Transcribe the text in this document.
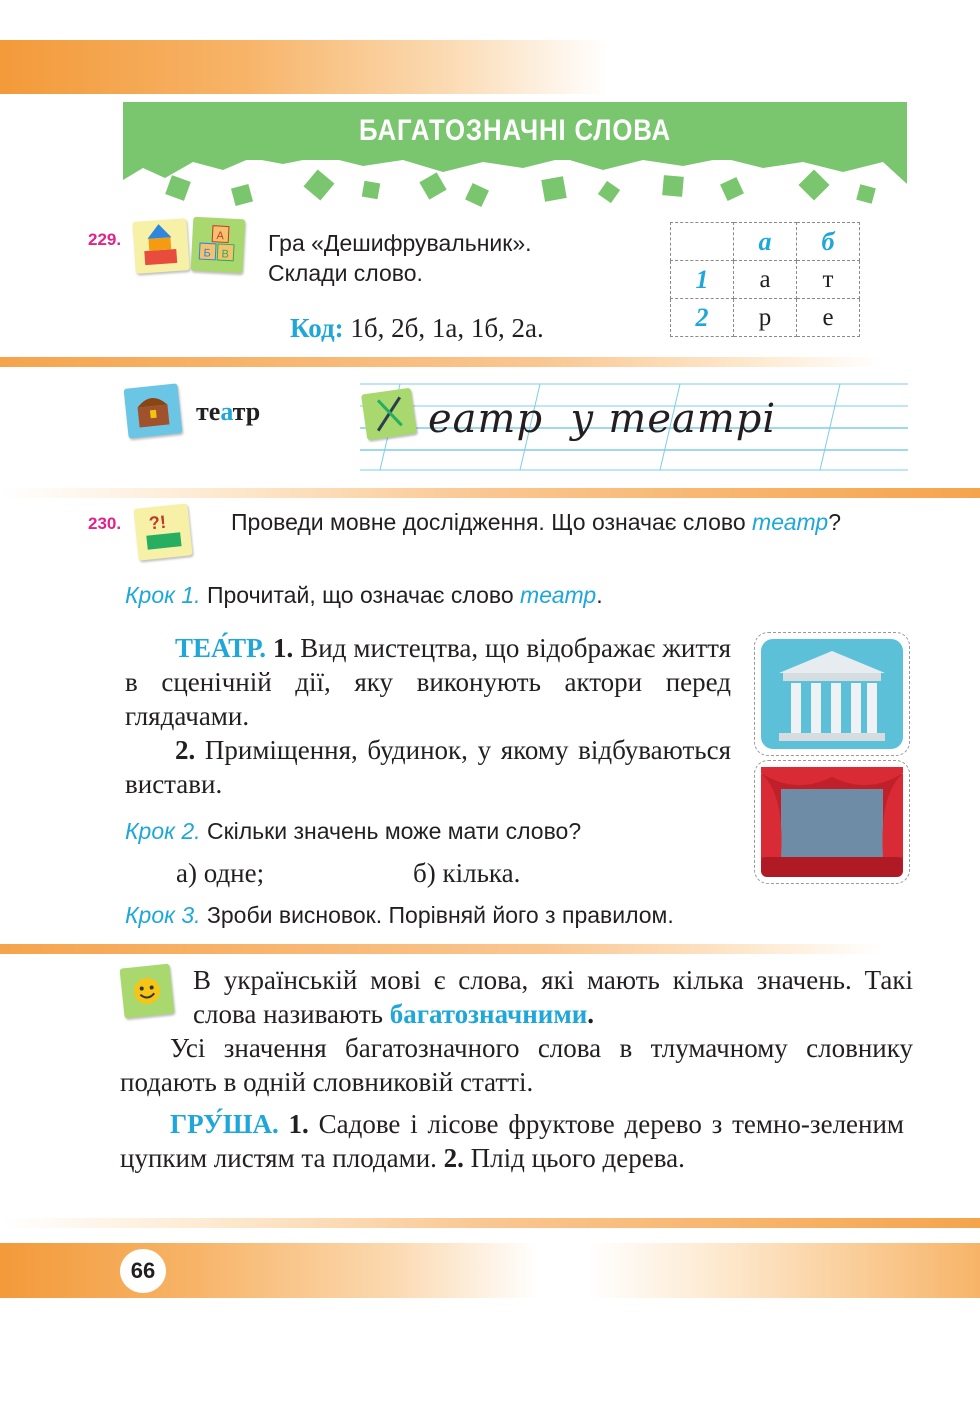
БАГАТОЗНАЧНІ СЛОВА
229.
Б В
А Гра «Дешифрувальник».
Склади слово.
Код: 1б, 2б, 1а, 1б, 2а.
	а	б
1	а	т
2	р	е
театр	еатр  у театрі
230. ?!	Проведи мовне дослідження. Що означає слово театр?
Крок 1. Прочитай, що означає слово театр.
ТЕА́ТР. 1. Вид мистецтва, що відображає життя в сценічній дії, яку виконують актори перед глядачами.
2. Приміщення, будинок, у якому відбуваються вистави.
Крок 2. Скільки значень може мати слово?
а) одне;	б) кілька.
Крок 3. Зроби висновок. Порівняй його з правилом.
В українській мові є слова, які мають кілька значень. Такі слова називають багатозначними.
Усі значення багатозначного слова в тлумачному словнику подають в одній словниковій статті.
ГРУ́ША. 1. Садове і лісове фруктове дерево з темно-зеленим цупким листям та плодами. 2. Плід цього дерева.
66
